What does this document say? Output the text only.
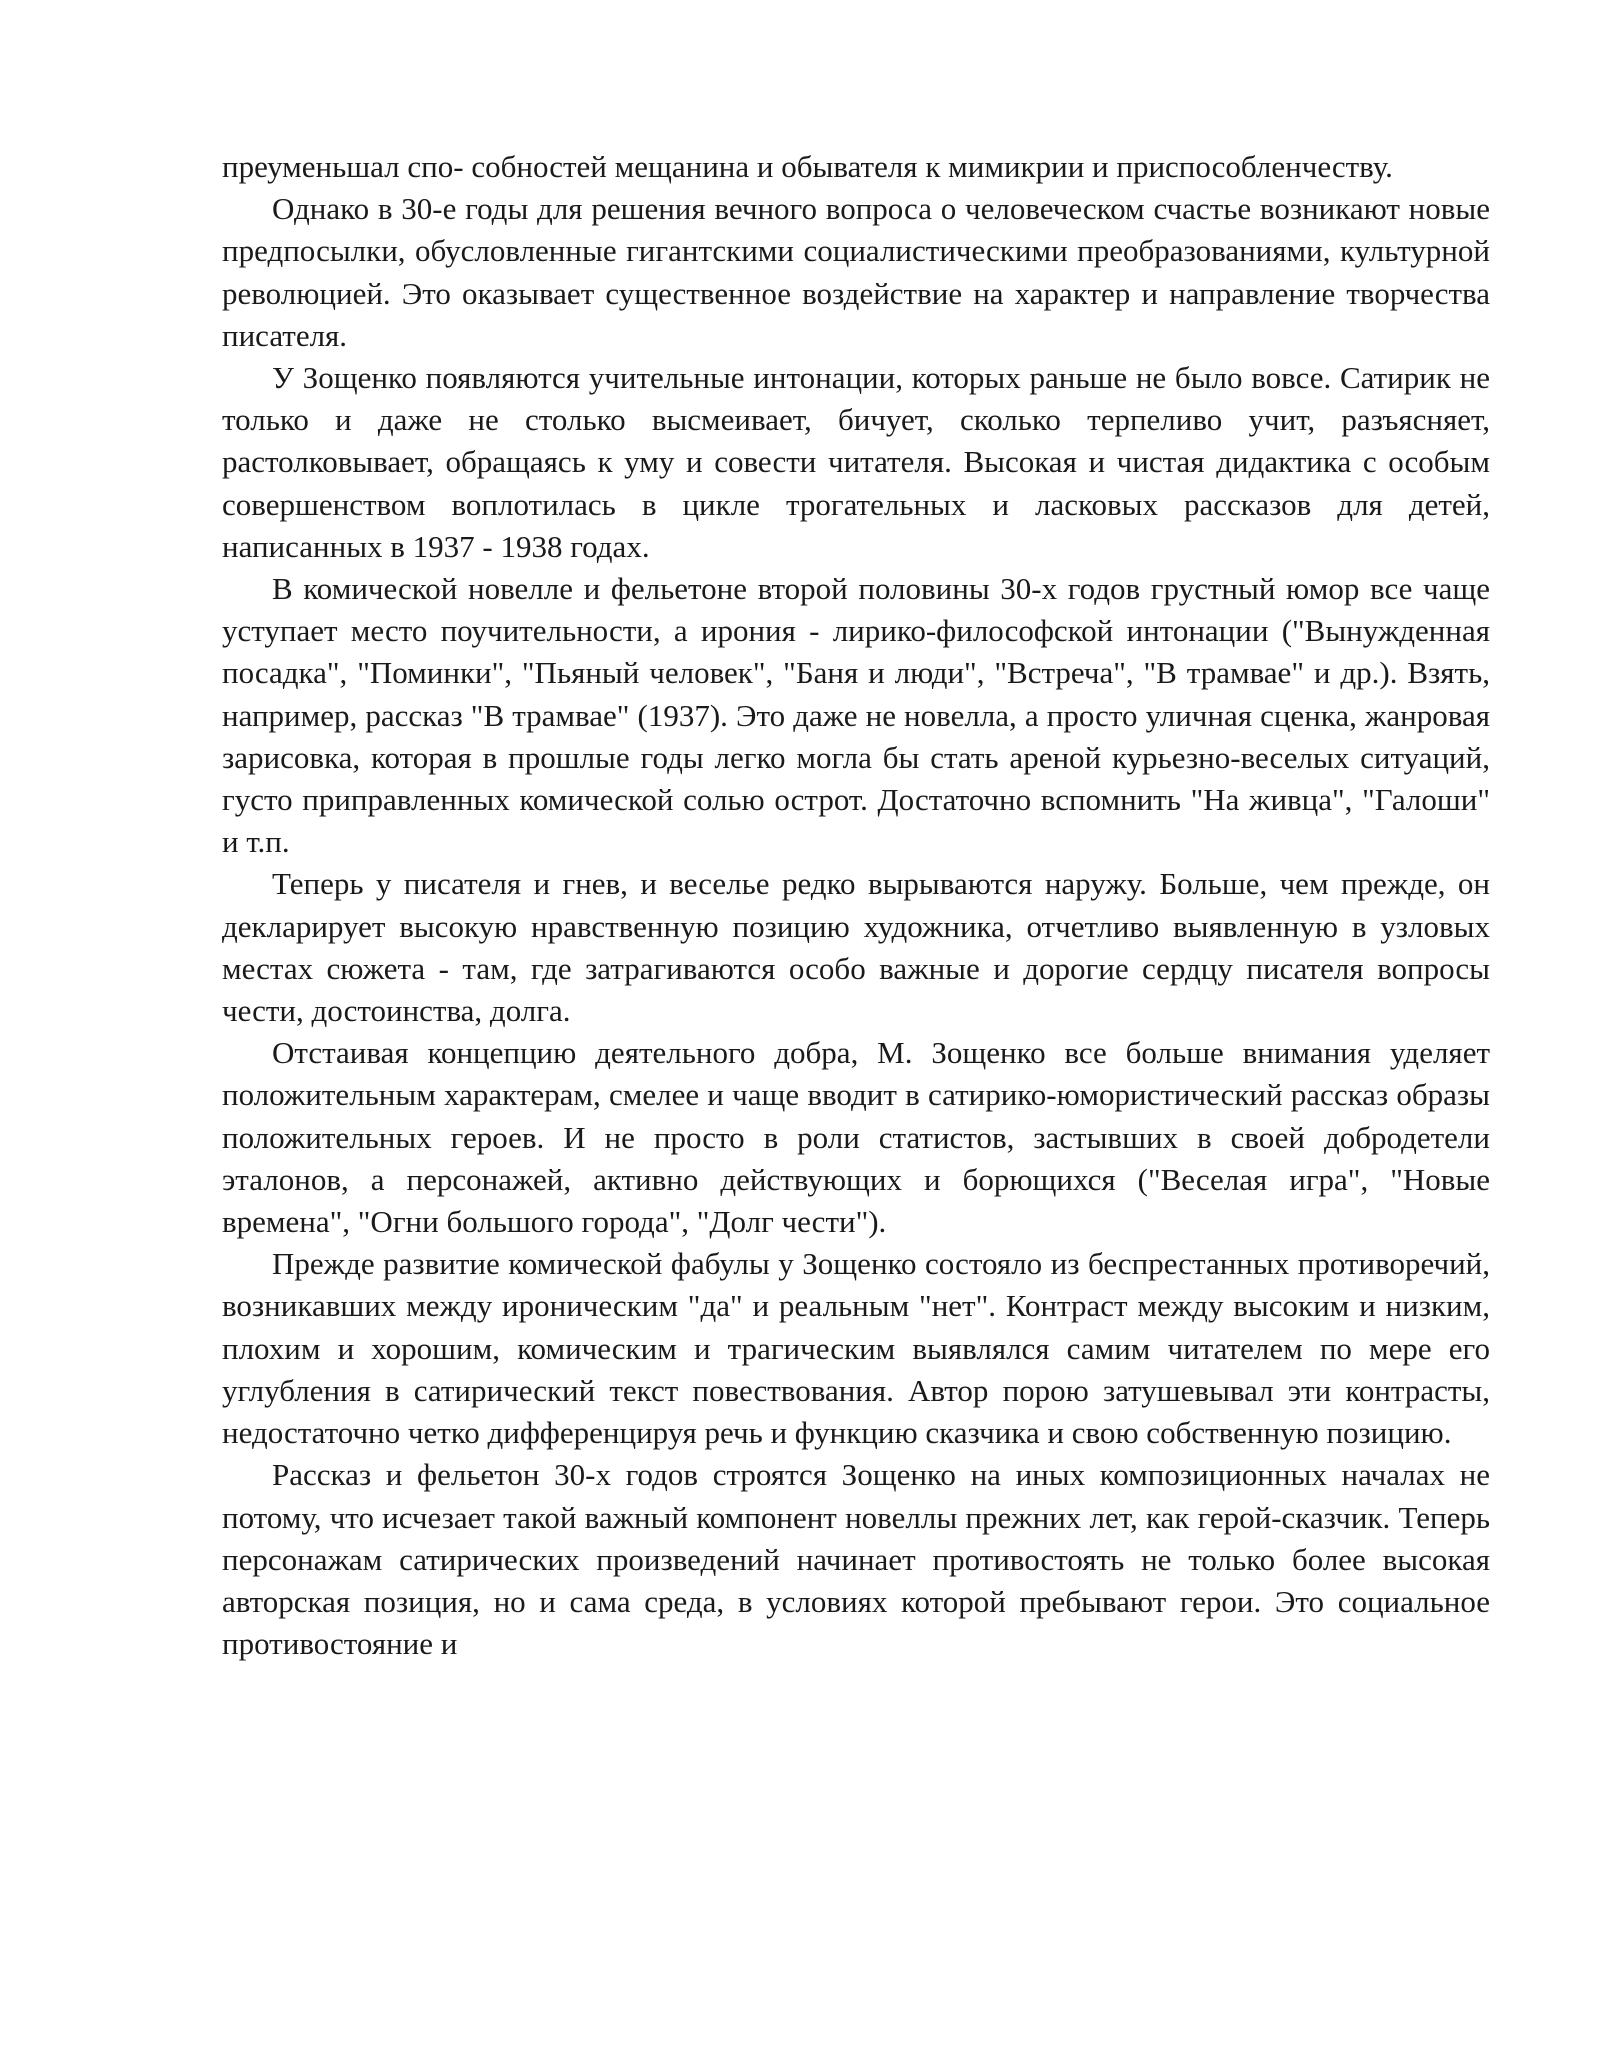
преуменьшал спо- собностей мещанина и обывателя к мимикрии и приспособленчеству.

Однако в 30-е годы для решения вечного вопроса о человеческом счастье возникают новые предпосылки, обусловленные гигантскими социалистическими преобразованиями, культурной революцией. Это оказывает существенное воздействие на характер и направление творчества писателя.

У Зощенко появляются учительные интонации, которых раньше не было вовсе. Сатирик не только и даже не столько высмеивает, бичует, сколько терпеливо учит, разъясняет, растолковывает, обращаясь к уму и совести читателя. Высокая и чистая дидактика с особым совершенством воплотилась в цикле трогательных и ласковых рассказов для детей, написанных в 1937 - 1938 годах.

В комической новелле и фельетоне второй половины 30-х годов грустный юмор все чаще уступает место поучительности, а ирония - лирико-философской интонации ("Вынужденная посадка", "Поминки", "Пьяный человек", "Баня и люди", "Встреча", "В трамвае" и др.). Взять, например, рассказ "В трамвае" (1937). Это даже не новелла, а просто уличная сценка, жанровая зарисовка, которая в прошлые годы легко могла бы стать ареной курьезно-веселых ситуаций, густо приправленных комической солью острот. Достаточно вспомнить "На живца", "Галоши" и т.п.

Теперь у писателя и гнев, и веселье редко вырываются наружу. Больше, чем прежде, он декларирует высокую нравственную позицию художника, отчетливо выявленную в узловых местах сюжета - там, где затрагиваются особо важные и дорогие сердцу писателя вопросы чести, достоинства, долга.

Отстаивая концепцию деятельного добра, М. Зощенко все больше внимания уделяет положительным характерам, смелее и чаще вводит в сатирико-юмористический рассказ образы положительных героев. И не просто в роли статистов, застывших в своей добродетели эталонов, а персонажей, активно действующих и борющихся ("Веселая игра", "Новые времена", "Огни большого города", "Долг чести").

Прежде развитие комической фабулы у Зощенко состояло из беспрестанных противоречий, возникавших между ироническим "да" и реальным "нет". Контраст между высоким и низким, плохим и хорошим, комическим и трагическим выявлялся самим читателем по мере его углубления в сатирический текст повествования. Автор порою затушевывал эти контрасты, недостаточно четко дифференцируя речь и функцию сказчика и свою собственную позицию.

Рассказ и фельетон 30-х годов строятся Зощенко на иных композиционных началах не потому, что исчезает такой важный компонент новеллы прежних лет, как герой-сказчик. Теперь персонажам сатирических произведений начинает противостоять не только более высокая авторская позиция, но и сама среда, в условиях которой пребывают герои. Это социальное противостояние и
